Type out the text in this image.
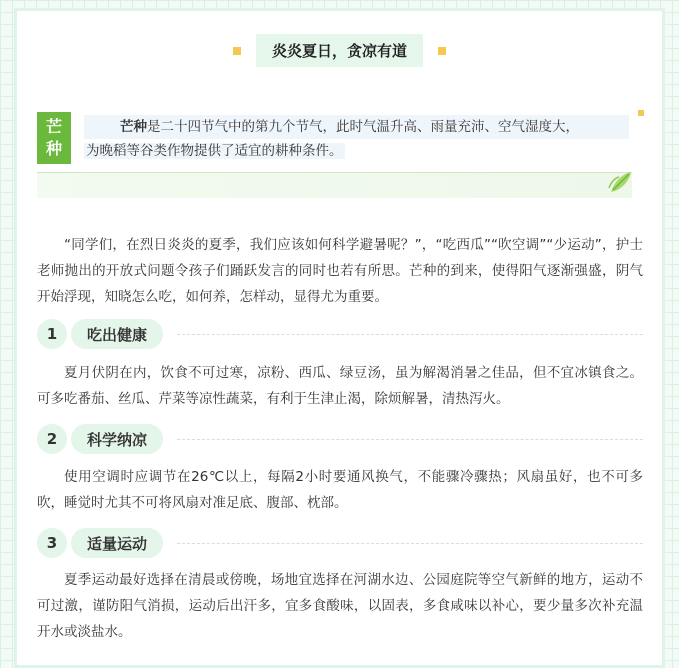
炎炎夏日，贪凉有道
芒
种
芒种是二十四节气中的第九个节气，此时气温升高、雨量充沛、空气湿度大，
为晚稻等谷类作物提供了适宜的耕种条件。
“同学们，在烈日炎炎的夏季，我们应该如何科学避暑呢？”，“吃西瓜”“吹空调”“少运动”，护士老师抛出的开放式问题令孩子们踊跃发言的同时也若有所思。芒种的到来，使得阳气逐渐强盛，阴气开始浮现，知晓怎么吃，如何养，怎样动，显得尤为重要。
1	吃出健康
夏月伏阴在内，饮食不可过寒，凉粉、西瓜、绿豆汤，虽为解渴消暑之佳品，但不宜冰镇食之。可多吃番茄、丝瓜、芹菜等凉性蔬菜，有利于生津止渴，除烦解暑，清热泻火。
2	科学纳凉
使用空调时应调节在26℃以上，每隔2小时要通风换气，不能骤冷骤热；风扇虽好，也不可多吹，睡觉时尤其不可将风扇对准足底、腹部、枕部。
3	适量运动
夏季运动最好选择在清晨或傍晚，场地宜选择在河湖水边、公园庭院等空气新鲜的地方，运动不可过激，谨防阳气消损，运动后出汗多，宜多食酸味，以固表，多食咸味以补心，要少量多次补充温开水或淡盐水。
